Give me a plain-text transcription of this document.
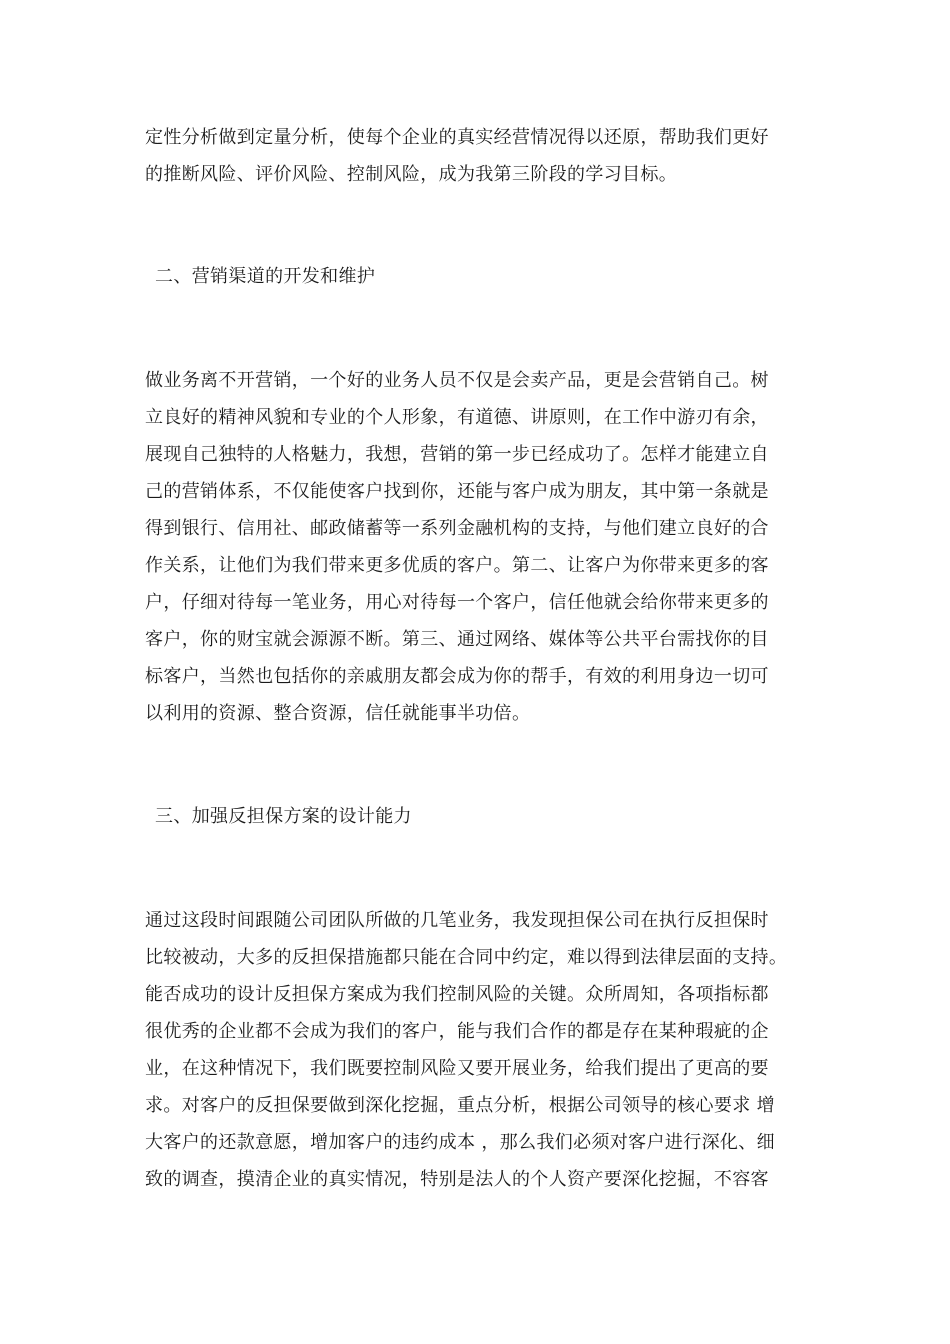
定性分析做到定量分析，使每个企业的真实经营情况得以还原，帮助我们更好
的推断风险、评价风险、控制风险，成为我第三阶段的学习目标。
二、营销渠道的开发和维护
做业务离不开营销，一个好的业务人员不仅是会卖产品，更是会营销自己。树
立良好的精神风貌和专业的个人形象，有道德、讲原则，在工作中游刃有余，
展现自己独特的人格魅力，我想，营销的第一步已经成功了。怎样才能建立自
己的营销体系，不仅能使客户找到你，还能与客户成为朋友，其中第一条就是
得到银行、信用社、邮政储蓄等一系列金融机构的支持，与他们建立良好的合
作关系，让他们为我们带来更多优质的客户。第二、让客户为你带来更多的客
户，仔细对待每一笔业务，用心对待每一个客户，信任他就会给你带来更多的
客户，你的财宝就会源源不断。第三、通过网络、媒体等公共平台需找你的目
标客户，当然也包括你的亲戚朋友都会成为你的帮手，有效的利用身边一切可
以利用的资源、整合资源，信任就能事半功倍。
三、加强反担保方案的设计能力
通过这段时间跟随公司团队所做的几笔业务，我发现担保公司在执行反担保时
比较被动，大多的反担保措施都只能在合同中约定，难以得到法律层面的支持。
能否成功的设计反担保方案成为我们控制风险的关键。众所周知，各项指标都
很优秀的企业都不会成为我们的客户，能与我们合作的都是存在某种瑕疵的企
业，在这种情况下，我们既要控制风险又要开展业务，给我们提出了更高的要
求。对客户的反担保要做到深化挖掘，重点分析，根据公司领导的核心要求 增
大客户的还款意愿，增加客户的违约成本 ，那么我们必须对客户进行深化、细
致的调查，摸清企业的真实情况，特别是法人的个人资产要深化挖掘，不容客
